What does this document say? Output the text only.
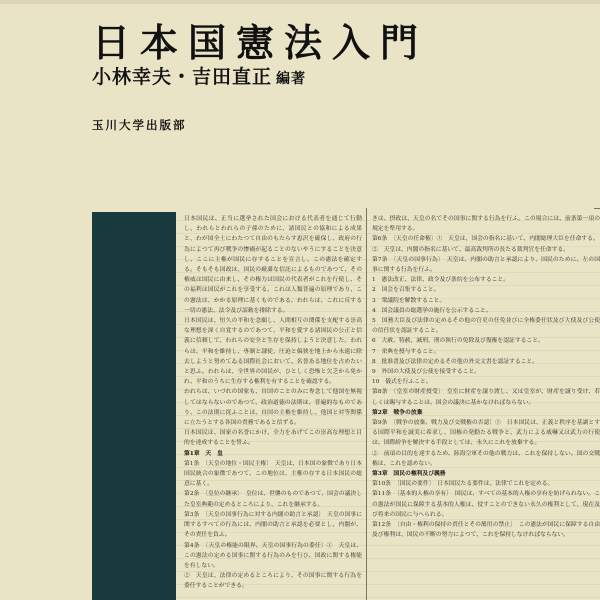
日本国憲法入門
小林幸夫・吉田直正 編著
玉川大学出版部

日本国民は、正当に選挙された国会における代表者を通じて行動し、われらとわれらの子孫のために、諸国民との協和による成果と、わが国全土にわたつて自由のもたらす恵沢を確保し、政府の行為によつて再び戦争の惨禍が起ることのないやうにすることを決意し、ここに主権が国民に存することを宣言し、この憲法を確定する。そもそも国政は、国民の厳粛な信託によるものであつて、その権威は国民に由来し、その権力は国民の代表者がこれを行使し、その福利は国民がこれを享受する。これは人類普遍の原理であり、この憲法は、かかる原理に基くものである。われらは、これに反する一切の憲法、法令及び詔勅を排除する。

日本国民は、恒久の平和を念願し、人間相互の関係を支配する崇高な理想を深く自覚するのであつて、平和を愛する諸国民の公正と信義に信頼して、われらの安全と生存を保持しようと決意した。われらは、平和を維持し、専制と隷従、圧迫と偏狭を地上から永遠に除去しようと努めてゐる国際社会において、名誉ある地位を占めたいと思ふ。われらは、全世界の国民が、ひとしく恐怖と欠乏から免かれ、平和のうちに生存する権利を有することを確認する。

われらは、いづれの国家も、自国のことのみに専念して他国を無視してはならないのであつて、政治道徳の法則は、普遍的なものであり、この法則に従ふことは、自国の主権を維持し、他国と対等関係に立たうとする各国の責務であると信ずる。

日本国民は、国家の名誉にかけ、全力をあげてこの崇高な理想と目的を達成することを誓ふ。

第1章　天　皇

第1条　〔天皇の地位・国民主権〕　天皇は、日本国の象徴であり日本国民統合の象徴であつて、この地位は、主権の存する日本国民の総意に基く。

第2条　〔皇位の継承〕　皇位は、世襲のものであつて、国会の議決した皇室典範の定めるところにより、これを継承する。

第3条　〔天皇の国事行為に対する内閣の助言と承認〕　天皇の国事に関するすべての行為には、内閣の助言と承認を必要とし、内閣が、その責任を負ふ。

第4条　〔天皇の権能の限界、天皇の国事行為の委任〕①　天皇は、この憲法の定める国事に関する行為のみを行ひ、国政に関する権能を有しない。

②　天皇は、法律の定めるところにより、その国事に関する行為を委任することができる。

きは、摂政は、天皇の名でその国事に関する行為を行ふ。この場合には、前条第一項の規定を準用する。

第6条　〔天皇の任命権〕①　天皇は、国会の指名に基いて、内閣総理大臣を任命する。

②　天皇は、内閣の指名に基いて、最高裁判所の長たる裁判官を任命する。

第7条　〔天皇の国事行為〕　天皇は、内閣の助言と承認により、国民のために、左の国事に関する行為を行ふ。

1　憲法改正、法律、政令及び条約を公布すること。

2　国会を召集すること。

3　衆議院を解散すること。

4　国会議員の総選挙の施行を公示すること。

5　国務大臣及び法律の定めるその他の官吏の任免並びに全権委任状及び大使及び公使の信任状を認証すること。

6　大赦、特赦、減刑、刑の執行の免除及び復権を認証すること。

7　栄典を授与すること。

8　批准書及び法律の定めるその他の外交文書を認証すること。

9　外国の大使及び公使を接受すること。

10　儀式を行ふこと。

第8条　〔皇室の財産授受〕　皇室に財産を譲り渡し、又は皇室が、財産を譲り受け、若しくは賜与することは、国会の議決に基かなければならない。

第2章　戦争の放棄

第9条　〔戦争の放棄、戦力及び交戦権の否認〕①　日本国民は、正義と秩序を基調とする国際平和を誠実に希求し、国権の発動たる戦争と、武力による威嚇又は武力の行使は、国際紛争を解決する手段としては、永久にこれを放棄する。

②　前項の目的を達するため、陸海空軍その他の戦力は、これを保持しない。国の交戦権は、これを認めない。

第3章　国民の権利及び義務

第10条　〔国民の要件〕　日本国民たる要件は、法律でこれを定める。

第11条　〔基本的人権の享有〕　国民は、すべての基本的人権の享有を妨げられない。この憲法が国民に保障する基本的人権は、侵すことのできない永久の権利として、現在及び将来の国民に与へられる。

第12条　〔自由・権利の保持の責任とその濫用の禁止〕　この憲法が国民に保障する自由及び権利は、国民の不断の努力によつて、これを保持しなければならない。
